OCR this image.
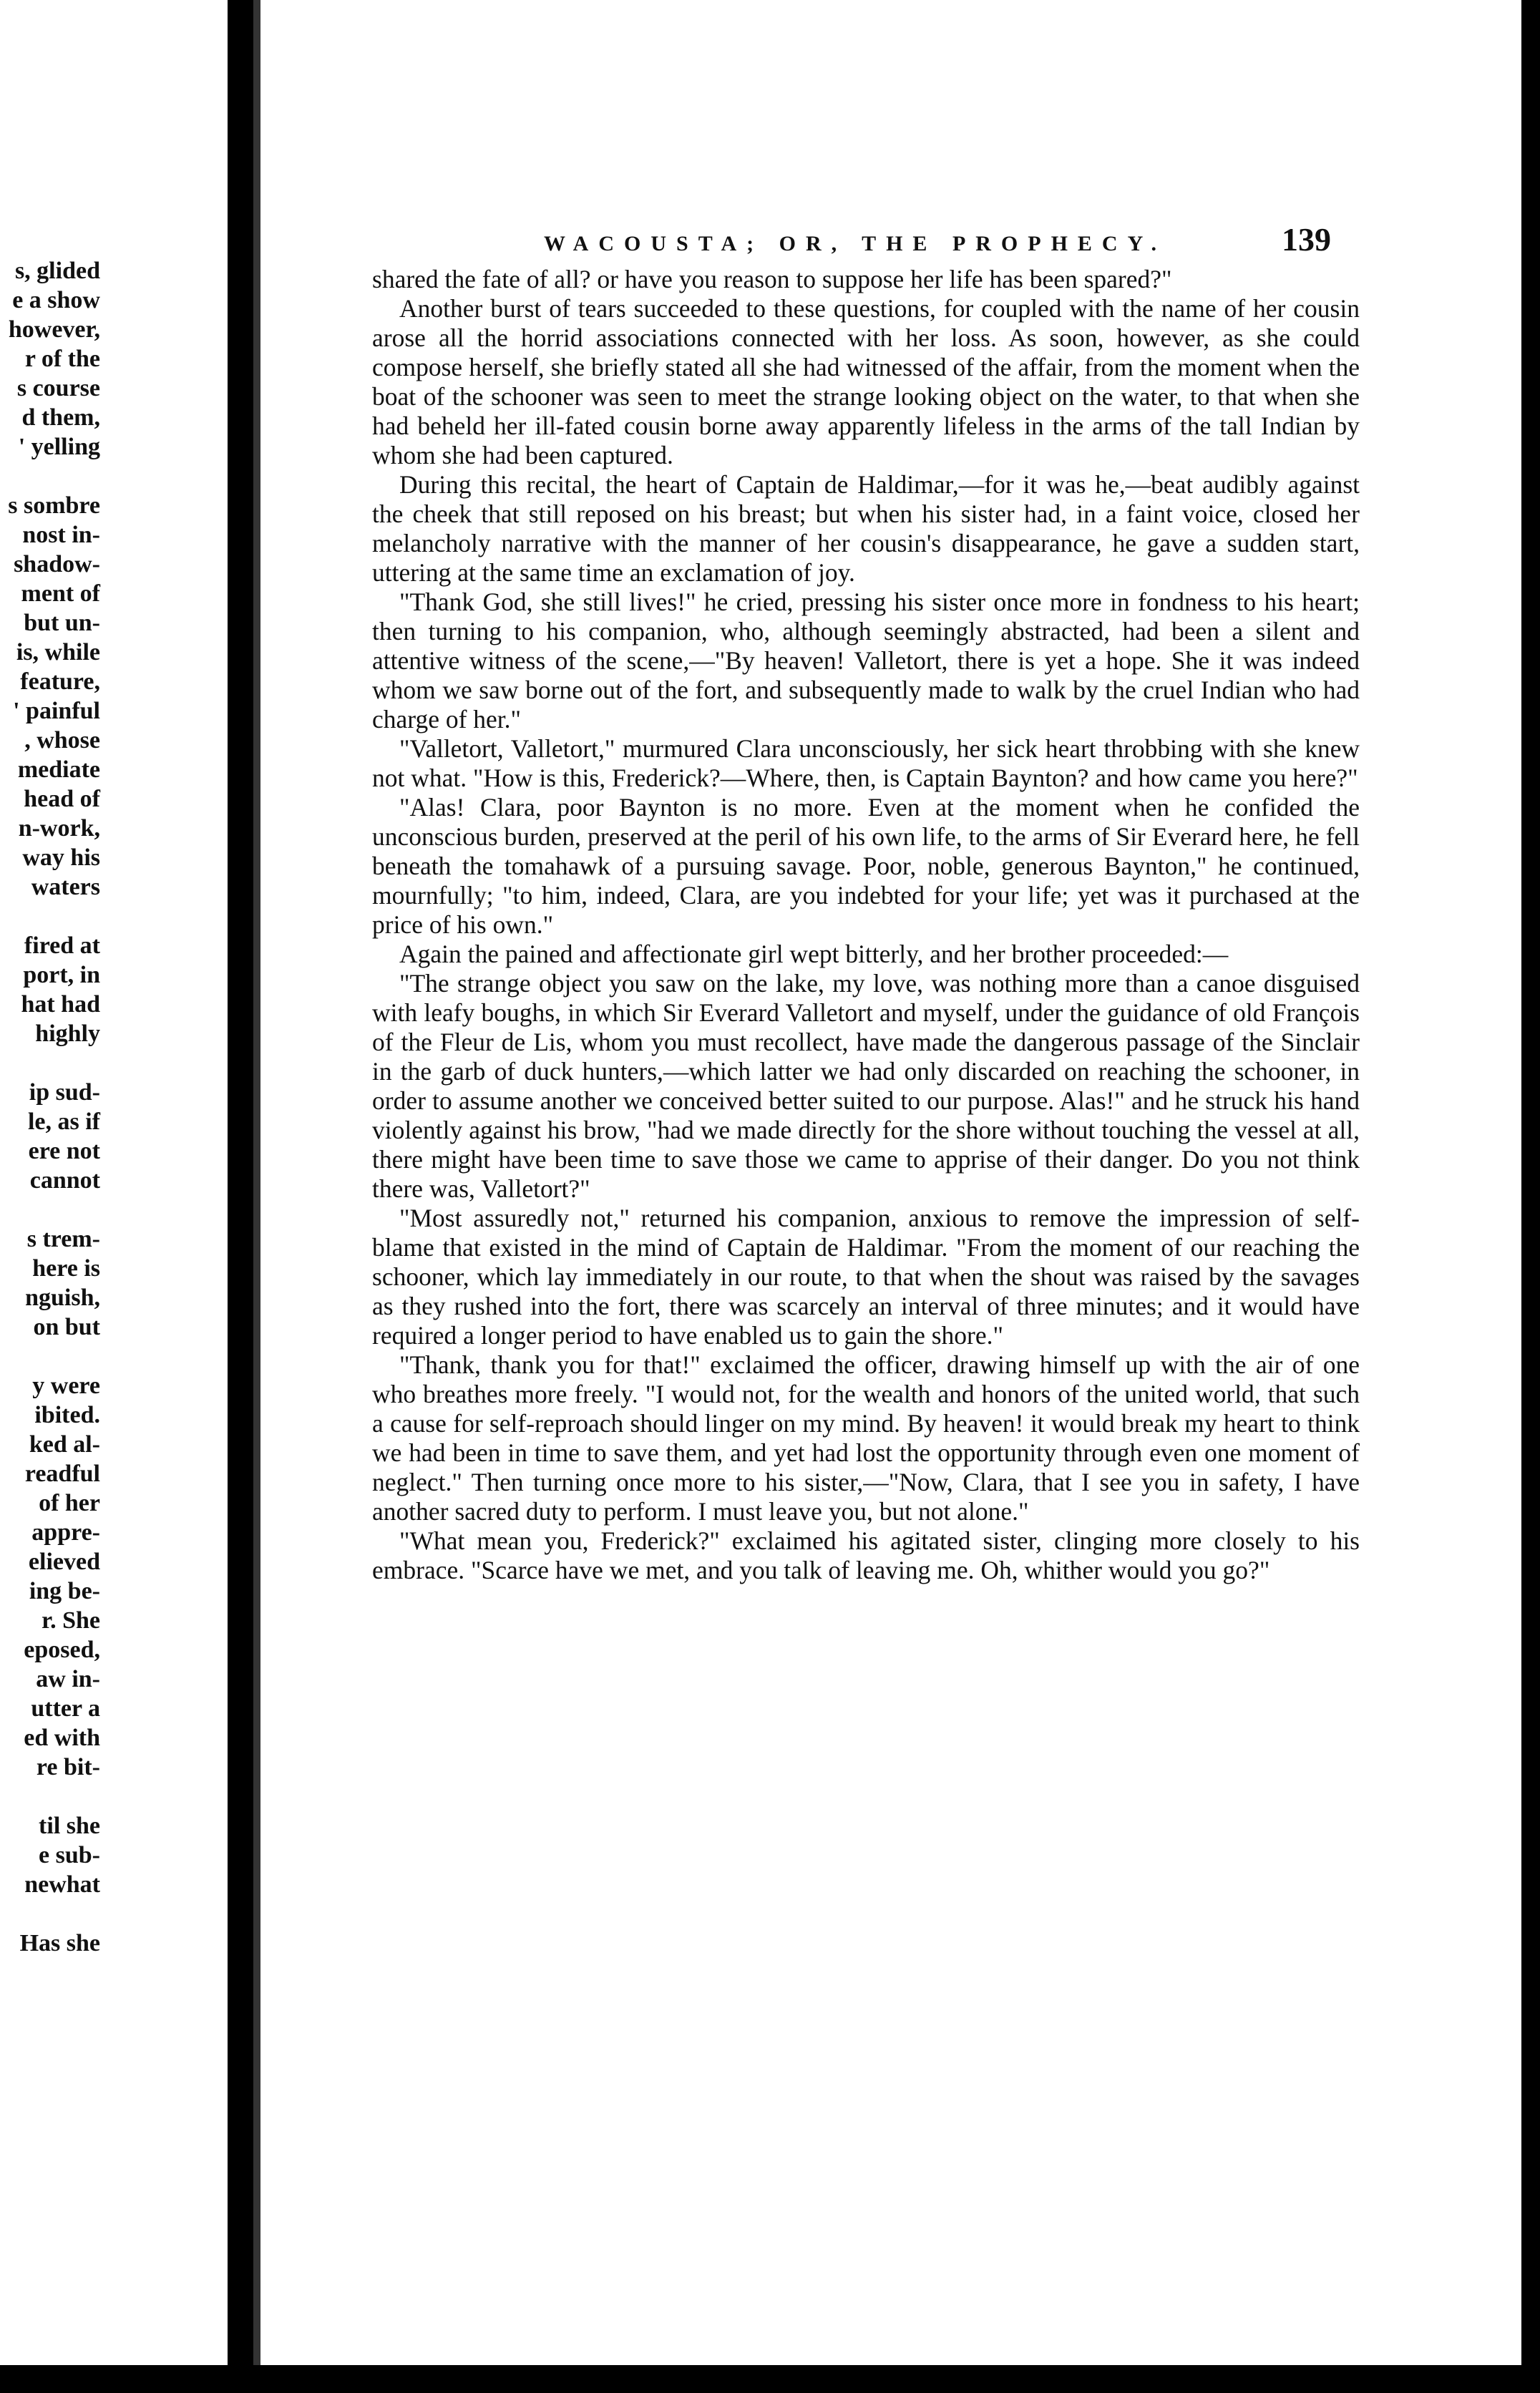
s, glided
e a show
however,
r of the
s course
d them,
' yelling
s sombre
nost in-
shadow-
ment of
but un-
is, while
feature,
' painful
, whose
mediate
head of
n-work,
way his
waters
fired at
port, in
hat had
highly
ip sud-
le, as if
ere not
cannot
s trem-
here is
nguish,
on but
y were
ibited.
ked al-
readful
of her
appre-
elieved
ing be-
r. She
eposed,
aw in-
utter a
ed with
re bit-
til she
e sub-
newhat
Has she
WACOUSTA; OR, THE PROPHECY.	139

shared the fate of all? or have you reason to suppose her life has been spared?"

Another burst of tears succeeded to these questions, for coupled with the name of her cousin arose all the horrid associations connected with her loss. As soon, however, as she could compose herself, she briefly stated all she had witnessed of the affair, from the moment when the boat of the schooner was seen to meet the strange looking object on the water, to that when she had beheld her ill-fated cousin borne away apparently lifeless in the arms of the tall Indian by whom she had been captured.

During this recital, the heart of Captain de Haldimar,—for it was he,—beat audibly against the cheek that still reposed on his breast; but when his sister had, in a faint voice, closed her melancholy narrative with the manner of her cousin's disappearance, he gave a sudden start, uttering at the same time an exclamation of joy.

"Thank God, she still lives!" he cried, pressing his sister once more in fondness to his heart; then turning to his companion, who, although seemingly abstracted, had been a silent and attentive witness of the scene,—"By heaven! Valletort, there is yet a hope. She it was indeed whom we saw borne out of the fort, and subsequently made to walk by the cruel Indian who had charge of her."

"Valletort, Valletort," murmured Clara unconsciously, her sick heart throbbing with she knew not what. "How is this, Frederick?—Where, then, is Captain Baynton? and how came you here?"

"Alas! Clara, poor Baynton is no more. Even at the moment when he confided the unconscious burden, preserved at the peril of his own life, to the arms of Sir Everard here, he fell beneath the tomahawk of a pursuing savage. Poor, noble, generous Baynton," he continued, mournfully; "to him, indeed, Clara, are you indebted for your life; yet was it purchased at the price of his own."

Again the pained and affectionate girl wept bitterly, and her brother proceeded:—

"The strange object you saw on the lake, my love, was nothing more than a canoe disguised with leafy boughs, in which Sir Everard Valletort and myself, under the guidance of old François of the Fleur de Lis, whom you must recollect, have made the dangerous passage of the Sinclair in the garb of duck hunters,—which latter we had only discarded on reaching the schooner, in order to assume another we conceived better suited to our purpose. Alas!" and he struck his hand violently against his brow, "had we made directly for the shore without touching the vessel at all, there might have been time to save those we came to apprise of their danger. Do you not think there was, Valletort?"

"Most assuredly not," returned his companion, anxious to remove the impression of self-blame that existed in the mind of Captain de Haldimar. "From the moment of our reaching the schooner, which lay immediately in our route, to that when the shout was raised by the savages as they rushed into the fort, there was scarcely an interval of three minutes; and it would have required a longer period to have enabled us to gain the shore."

"Thank, thank you for that!" exclaimed the officer, drawing himself up with the air of one who breathes more freely. "I would not, for the wealth and honors of the united world, that such a cause for self-reproach should linger on my mind. By heaven! it would break my heart to think we had been in time to save them, and yet had lost the opportunity through even one moment of neglect." Then turning once more to his sister,—"Now, Clara, that I see you in safety, I have another sacred duty to perform. I must leave you, but not alone."

"What mean you, Frederick?" exclaimed his agitated sister, clinging more closely to his embrace. "Scarce have we met, and you talk of leaving me. Oh, whither would you go?"
